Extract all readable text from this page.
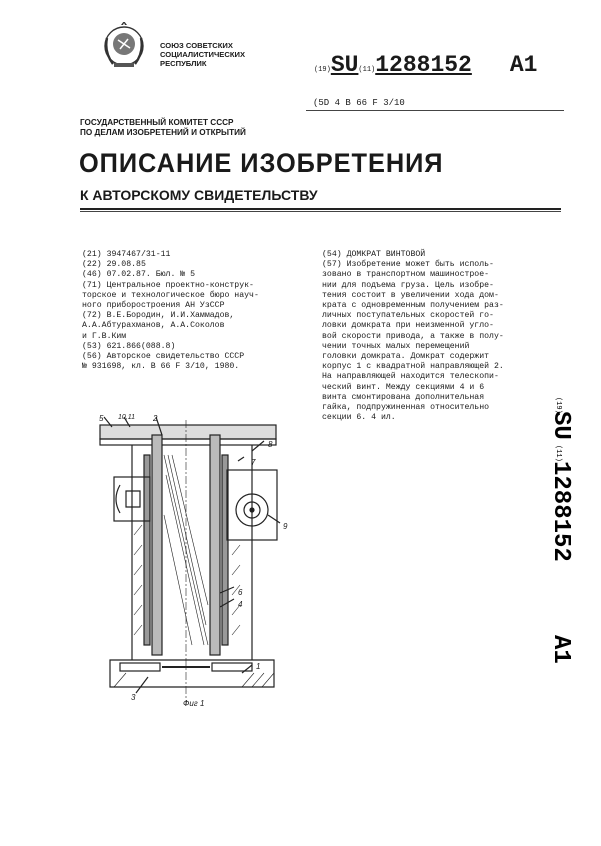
СОЮЗ СОВЕТСКИХ
СОЦИАЛИСТИЧЕСКИХ
РЕСПУБЛИК
(19)SU(11)1288152 A1
(5D 4 B 66 F 3/10
ГОСУДАРСТВЕННЫЙ КОМИТЕТ СССР
ПО ДЕЛАМ ИЗОБРЕТЕНИЙ И ОТКРЫТИЙ
ОПИСАНИЕ ИЗОБРЕТЕНИЯ
К АВТОРСКОМУ СВИДЕТЕЛЬСТВУ
(21) 3947467/31-11
(22) 29.08.85
(46) 07.02.87. Бюл. № 5
(71) Центральное проектно-конструк-
торское и технологическое бюро науч-
ного приборостроения АН УзССР
(72) В.Е.Бородин, И.И.Хаммадов,
А.А.Абтурахманов, А.А.Соколов
и Г.В.Ким
(53) 621.866(088.8)
(56) Авторское свидетельство СССР
№ 931698, кл. B 66 F 3/10, 1980.
(54) ДОМКРАТ ВИНТОВОЙ
(57) Изобретение может быть исполь-
зовано в транспортном машинострое-
нии для подъема груза. Цель изобре-
тения состоит в увеличении хода дом-
крата с одновременным получением раз-
личных поступательных скоростей го-
ловки домкрата при неизменной угло-
вой скорости привода, а также в полу-
чении точных малых перемещений
головки домкрата. Домкрат содержит
корпус 1 с квадратной направляющей 2.
На направляющей находится телескопи-
ческий винт. Между секциями 4 и 6
винта смонтирована дополнительная
гайка, подпружиненная относительно
секции 6. 4 ил.
5 10,11 2
8
7
9
6
4
1
3
Фиг 1
(19)
SU
(11)
1288152
A1
